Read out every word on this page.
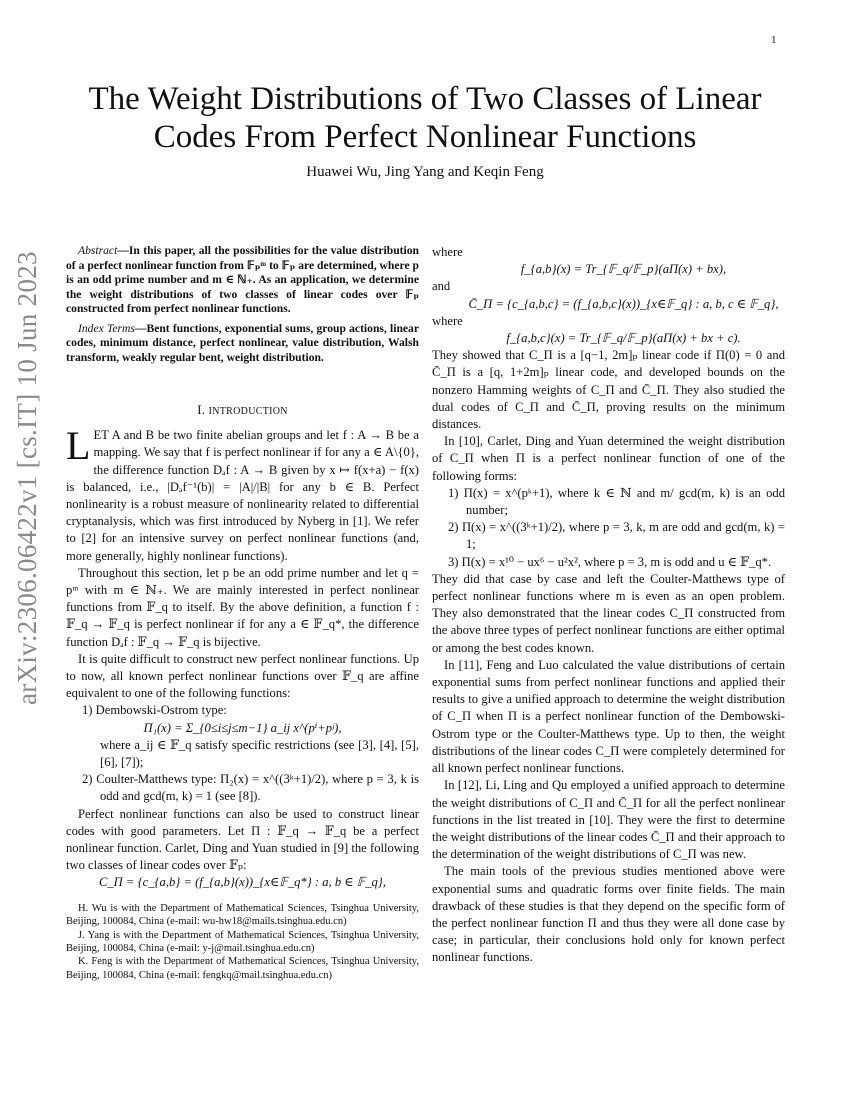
1
arXiv:2306.06422v1 [cs.IT] 10 Jun 2023
The Weight Distributions of Two Classes of Linear Codes From Perfect Nonlinear Functions
Huawei Wu, Jing Yang and Keqin Feng

Abstract—In this paper, all the possibilities for the value distribution of a perfect nonlinear function from 𝔽ₚᵐ to 𝔽ₚ are determined, where p is an odd prime number and m ∈ ℕ₊. As an application, we determine the weight distributions of two classes of linear codes over 𝔽ₚ constructed from perfect nonlinear functions.

Index Terms—Bent functions, exponential sums, group actions, linear codes, minimum distance, perfect nonlinear, value distribution, Walsh transform, weakly regular bent, weight distribution.

I. INTRODUCTION

LET A and B be two finite abelian groups and let f : A → B be a mapping. We say that f is perfect nonlinear if for any a ∈ A\{0}, the difference function Dₐf : A → B given by x ↦ f(x+a) − f(x) is balanced, i.e., |Dₐf⁻¹(b)| = |A|/|B| for any b ∈ B. Perfect nonlinearity is a robust measure of nonlinearity related to differential cryptanalysis, which was first introduced by Nyberg in [1]. We refer to [2] for an intensive survey on perfect nonlinear functions (and, more generally, highly nonlinear functions).

Throughout this section, let p be an odd prime number and let q = pᵐ with m ∈ ℕ₊. We are mainly interested in perfect nonlinear functions from 𝔽_q to itself. By the above definition, a function f : 𝔽_q → 𝔽_q is perfect nonlinear if for any a ∈ 𝔽_q*, the difference function Dₐf : 𝔽_q → 𝔽_q is bijective.

It is quite difficult to construct new perfect nonlinear functions. Up to now, all known perfect nonlinear functions over 𝔽_q are affine equivalent to one of the following functions:

1) Dembowski-Ostrom type:

Π₁(x) = Σ_{0≤i≤j≤m−1} a_ij x^(pⁱ+pʲ),

where a_ij ∈ 𝔽_q satisfy specific restrictions (see [3], [4], [5], [6], [7]);

2) Coulter-Matthews type: Π₂(x) = x^((3ᵏ+1)/2), where p = 3, k is odd and gcd(m, k) = 1 (see [8]).

Perfect nonlinear functions can also be used to construct linear codes with good parameters. Let Π : 𝔽_q → 𝔽_q be a perfect nonlinear function. Carlet, Ding and Yuan studied in [9] the following two classes of linear codes over 𝔽ₚ:

C_Π = {c_{a,b} = (f_{a,b}(x))_{x∈𝔽_q*} : a, b ∈ 𝔽_q},

H. Wu is with the Department of Mathematical Sciences, Tsinghua University, Beijing, 100084, China (e-mail: wu-hw18@mails.tsinghua.edu.cn)

J. Yang is with the Department of Mathematical Sciences, Tsinghua University, Beijing, 100084, China (e-mail: y-j@mail.tsinghua.edu.cn)

K. Feng is with the Department of Mathematical Sciences, Tsinghua University, Beijing, 100084, China (e-mail: fengkq@mail.tsinghua.edu.cn)

where

f_{a,b}(x) = Tr_{𝔽_q/𝔽_p}(aΠ(x) + bx),

and

C̄_Π = {c_{a,b,c} = (f_{a,b,c}(x))_{x∈𝔽_q} : a, b, c ∈ 𝔽_q},

where

f_{a,b,c}(x) = Tr_{𝔽_q/𝔽_p}(aΠ(x) + bx + c).

They showed that C_Π is a [q−1, 2m]ₚ linear code if Π(0) = 0 and C̄_Π is a [q, 1+2m]ₚ linear code, and developed bounds on the nonzero Hamming weights of C_Π and C̄_Π. They also studied the dual codes of C_Π and C̄_Π, proving results on the minimum distances.

In [10], Carlet, Ding and Yuan determined the weight distribution of C_Π when Π is a perfect nonlinear function of one of the following forms:

1) Π(x) = x^(pᵏ+1), where k ∈ ℕ and m/ gcd(m, k) is an odd number;

2) Π(x) = x^((3ᵏ+1)/2), where p = 3, k, m are odd and gcd(m, k) = 1;

3) Π(x) = x¹⁰ − ux⁶ − u²x², where p = 3, m is odd and u ∈ 𝔽_q*.

They did that case by case and left the Coulter-Matthews type of perfect nonlinear functions where m is even as an open problem. They also demonstrated that the linear codes C_Π constructed from the above three types of perfect nonlinear functions are either optimal or among the best codes known.

In [11], Feng and Luo calculated the value distributions of certain exponential sums from perfect nonlinear functions and applied their results to give a unified approach to determine the weight distribution of C_Π when Π is a perfect nonlinear function of the Dembowski-Ostrom type or the Coulter-Matthews type. Up to then, the weight distributions of the linear codes C_Π were completely determined for all known perfect nonlinear functions.

In [12], Li, Ling and Qu employed a unified approach to determine the weight distributions of C_Π and C̄_Π for all the perfect nonlinear functions in the list treated in [10]. They were the first to determine the weight distributions of the linear codes C̄_Π and their approach to the determination of the weight distributions of C_Π was new.

The main tools of the previous studies mentioned above were exponential sums and quadratic forms over finite fields. The main drawback of these studies is that they depend on the specific form of the perfect nonlinear function Π and thus they were all done case by case; in particular, their conclusions hold only for known perfect nonlinear functions.
